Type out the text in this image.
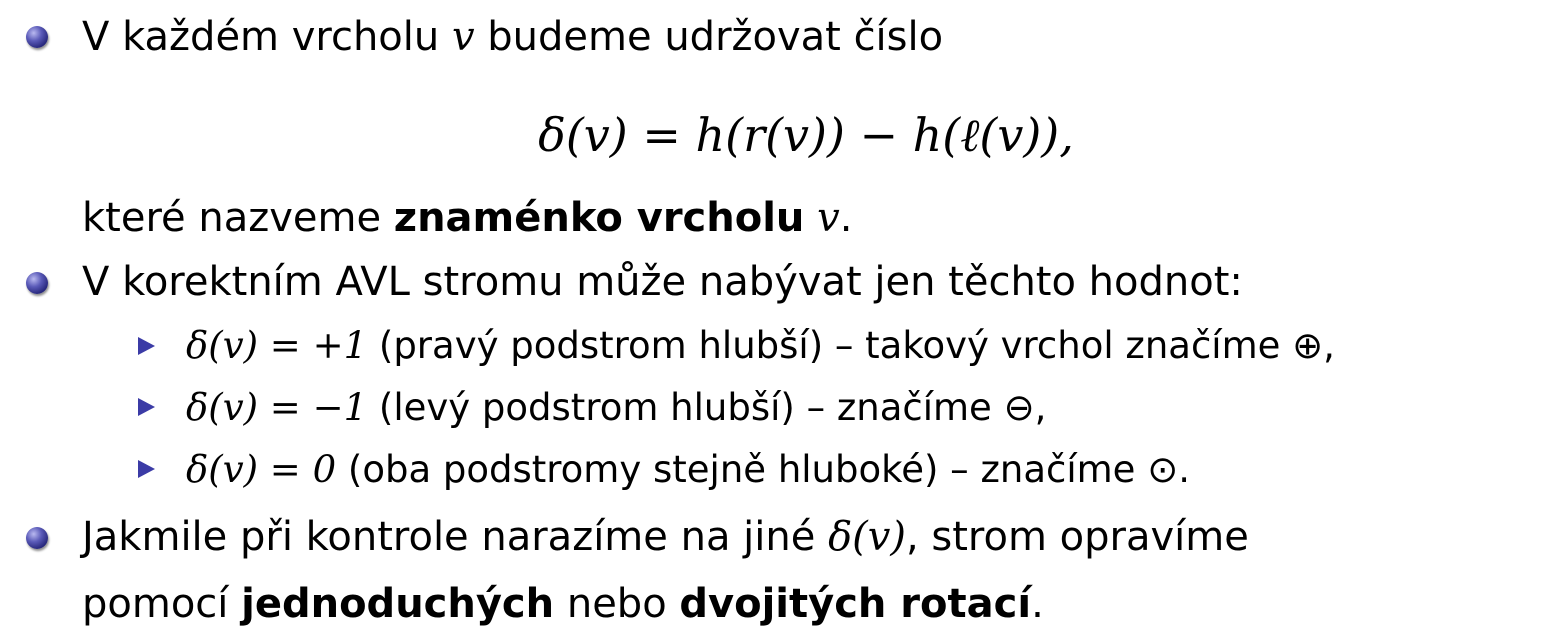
V každém vrcholu v budeme udržovat číslo
δ(v) = h(r(v)) − h(ℓ(v)),
které nazveme znaménko vrcholu v.
V korektním AVL stromu může nabývat jen těchto hodnot:
δ(v) = +1 (pravý podstrom hlubší) – takový vrchol značíme ⊕,
δ(v) = −1 (levý podstrom hlubší) – značíme ⊖,
δ(v) = 0 (oba podstromy stejně hluboké) – značíme ⊙.
Jakmile při kontrole narazíme na jiné δ(v), strom opravíme
pomocí jednoduchých nebo dvojitých rotací.
